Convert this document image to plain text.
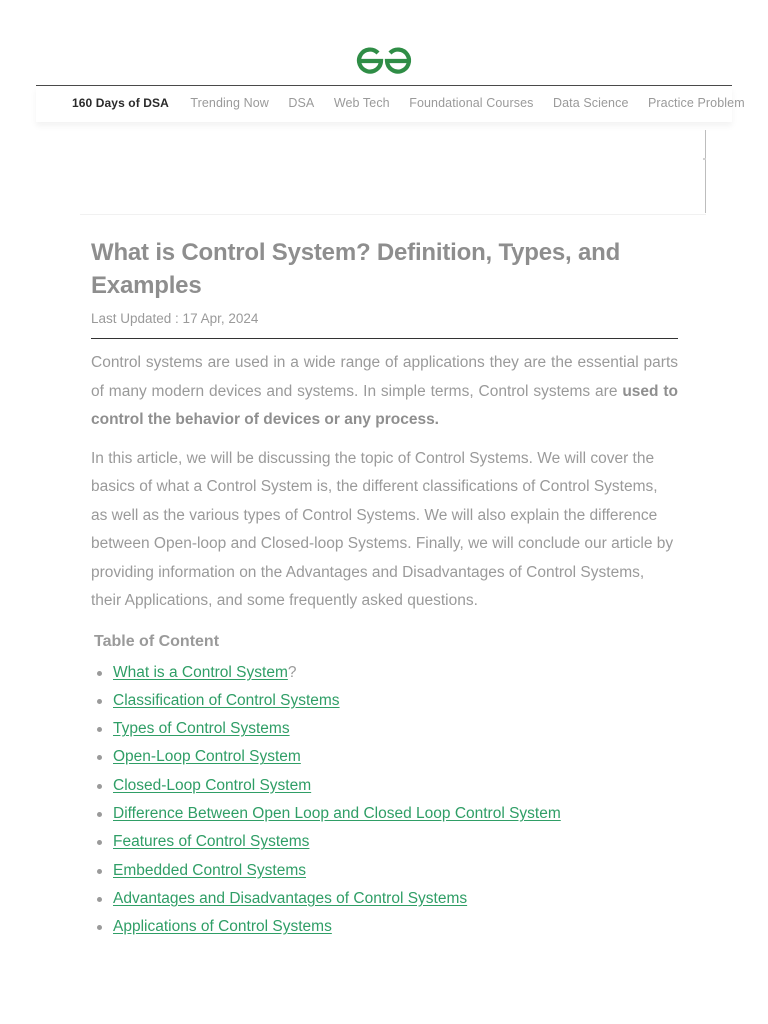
160 Days of DSA Trending Now DSA Web Tech Foundational Courses Data Science Practice Problem
What is Control System? Definition, Types, and Examples
Last Updated : 17 Apr, 2024

Control systems are used in a wide range of applications they are the essential parts of many modern devices and systems. In simple terms, Control systems are used to control the behavior of devices or any process.

In this article, we will be discussing the topic of Control Systems. We will cover the basics of what a Control System is, the different classifications of Control Systems, as well as the various types of Control Systems. We will also explain the difference between Open-loop and Closed-loop Systems. Finally, we will conclude our article by providing information on the Advantages and Disadvantages of Control Systems, their Applications, and some frequently asked questions.

Table of Content
What is a Control System?
Classification of Control Systems
Types of Control Systems
Open-Loop Control System
Closed-Loop Control System
Difference Between Open Loop and Closed Loop Control System
Features of Control Systems
Embedded Control Systems
Advantages and Disadvantages of Control Systems
Applications of Control Systems
